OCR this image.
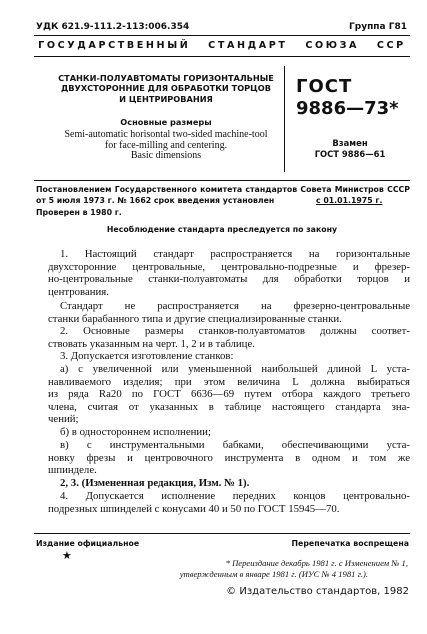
УДК 621.9-111.2-113:006.354	Группа Г81
ГОСУДАРСТВЕННЫЙ   СТАНДАРТ   СОЮЗА   ССР
СТАНКИ-ПОЛУАВТОМАТЫ ГОРИЗОНТАЛЬНЫЕ
ДВУХСТОРОННИЕ ДЛЯ ОБРАБОТКИ ТОРЦОВ
И ЦЕНТРИРОВАНИЯ
Основные размеры
Semi-automatic horisontal two-sided machine-tool
for face-milling and centering.
Basic dimensions
ГОСТ
9886—73*
Взамен
ГОСТ 9886—61
Постановлением Государственного комитета стандартов Совета Министров СССР
от 5 июля 1973 г. № 1662 срок введения установлен	с 01.01.1975 г.
Проверен в 1980 г.
Несоблюдение стандарта преследуется по закону
1. Настоящий стандарт распространяется на горизонтальные
двухсторонние центровальные, центровально-подрезные и фрезер-
но-центровальные станки-полуавтоматы для обработки торцов и
центрования.
Стандарт не распространяется на фрезерно-центровальные
станки барабанного типа и другие специализированные станки.
2. Основные размеры станков-полуавтоматов должны соответ-
ствовать указанным на черт. 1, 2 и в таблице.
3. Допускается изготовление станков:
а) с увеличенной или уменьшенной наибольшей длиной L уста-
навливаемого изделия; при этом величина L должна выбираться
из ряда Ra20 по ГОСТ 6636—69 путем отбора каждого третьего
члена, считая от указанных в таблице настоящего стандарта зна-
чений;
б) в одностороннем исполнении;
в) с инструментальными бабками, обеспечивающими уста-
новку фрезы и центровочного инструмента в одном и том же
шпинделе.
2, 3. (Измененная редакция, Изм. № 1).
4. Допускается исполнение передних концов центровально-
подрезных шпинделей с конусами 40 и 50 по ГОСТ 15945—70.
Издание официальное
★
Перепечатка воспрещена
* Переиздание декабрь 1981 г. с Изменением № 1,
утвержденным в январе 1981 г. (ИУС № 4 1981 г.).
© Издательство стандартов, 1982
